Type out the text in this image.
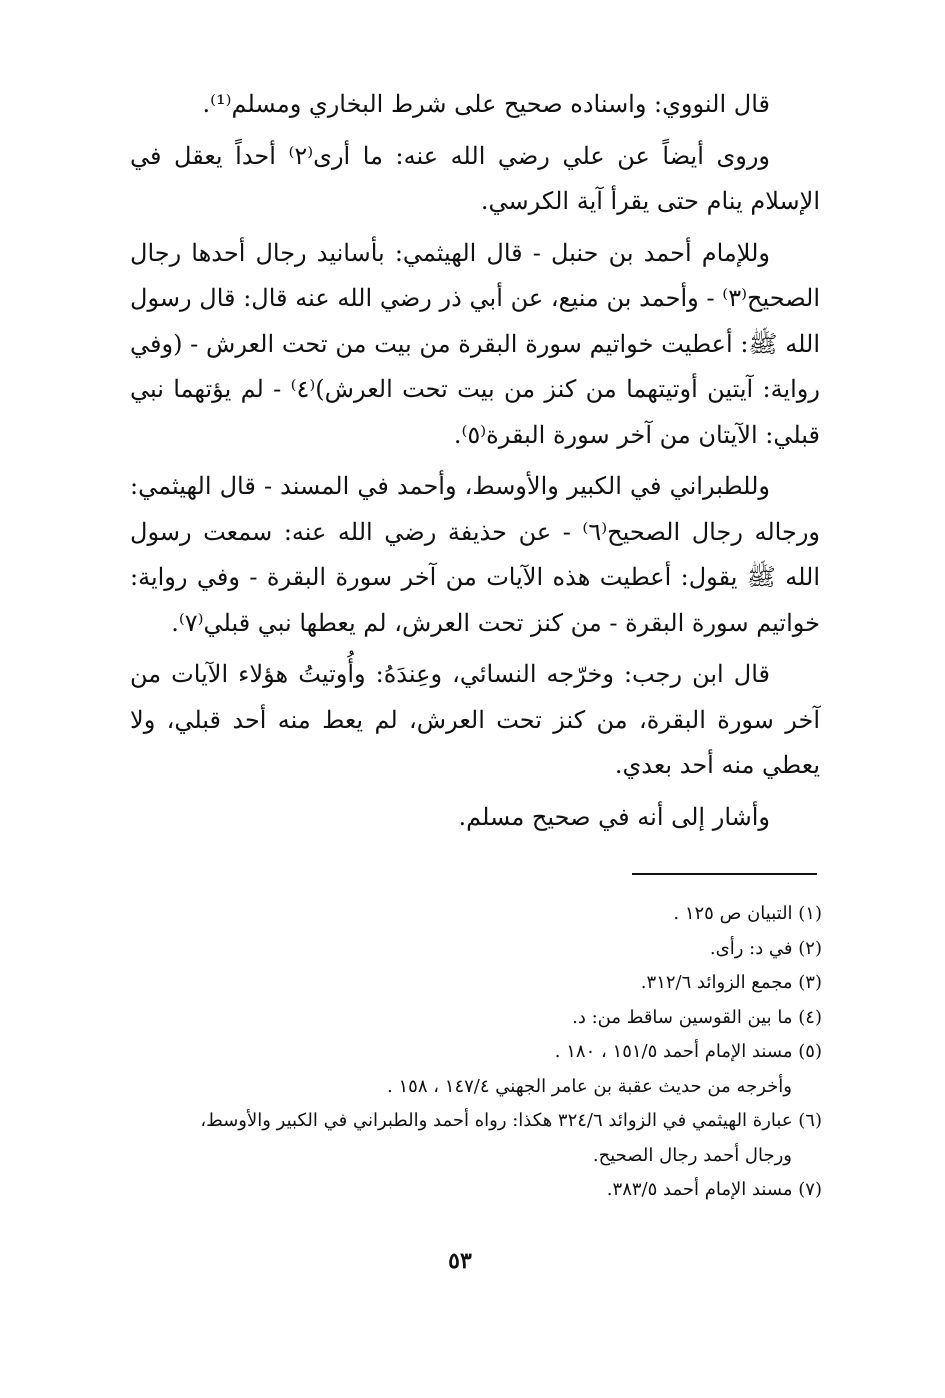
قال النووي: واسناده صحيح على شرط البخاري ومسلم⁽¹⁾.

وروى أيضاً عن علي رضي الله عنه: ما أرى⁽٢⁾ أحداً يعقل في الإسلام ينام حتى يقرأ آية الكرسي.

وللإمام أحمد بن حنبل - قال الهيثمي: بأسانيد رجال أحدها رجال الصحيح⁽٣⁾ - وأحمد بن منيع، عن أبي ذر رضي الله عنه قال: قال رسول الله ﷺ: أعطيت خواتيم سورة البقرة من بيت من تحت العرش - (وفي رواية: آيتين أوتيتهما من كنز من بيت تحت العرش)⁽٤⁾ - لم يؤتهما نبي قبلي: الآيتان من آخر سورة البقرة⁽٥⁾.

وللطبراني في الكبير والأوسط، وأحمد في المسند - قال الهيثمي: ورجاله رجال الصحيح⁽٦⁾ - عن حذيفة رضي الله عنه: سمعت رسول الله ﷺ يقول: أعطيت هذه الآيات من آخر سورة البقرة - وفي رواية: خواتيم سورة البقرة - من كنز تحت العرش، لم يعطها نبي قبلي⁽٧⁾.

قال ابن رجب: وخرّجه النسائي، وعِندَهُ: وأُوتيتُ هؤلاء الآيات من آخر سورة البقرة، من كنز تحت العرش، لم يعط منه أحد قبلي، ولا يعطي منه أحد بعدي.

وأشار إلى أنه في صحيح مسلم.

(١) التبيان ص ١٢٥ .

(٢) في د: رأى.

(٣) مجمع الزوائد ٣١٢/٦.

(٤) ما بين القوسين ساقط من: د.

(٥) مسند الإمام أحمد ١٥١/٥ ، ١٨٠ .

وأخرجه من حديث عقبة بن عامر الجهني ١٤٧/٤ ، ١٥٨ .

(٦) عبارة الهيثمي في الزوائد ٣٢٤/٦ هكذا: رواه أحمد والطبراني في الكبير والأوسط،

ورجال أحمد رجال الصحيح.

(٧) مسند الإمام أحمد ٣٨٣/٥.

٥٣
